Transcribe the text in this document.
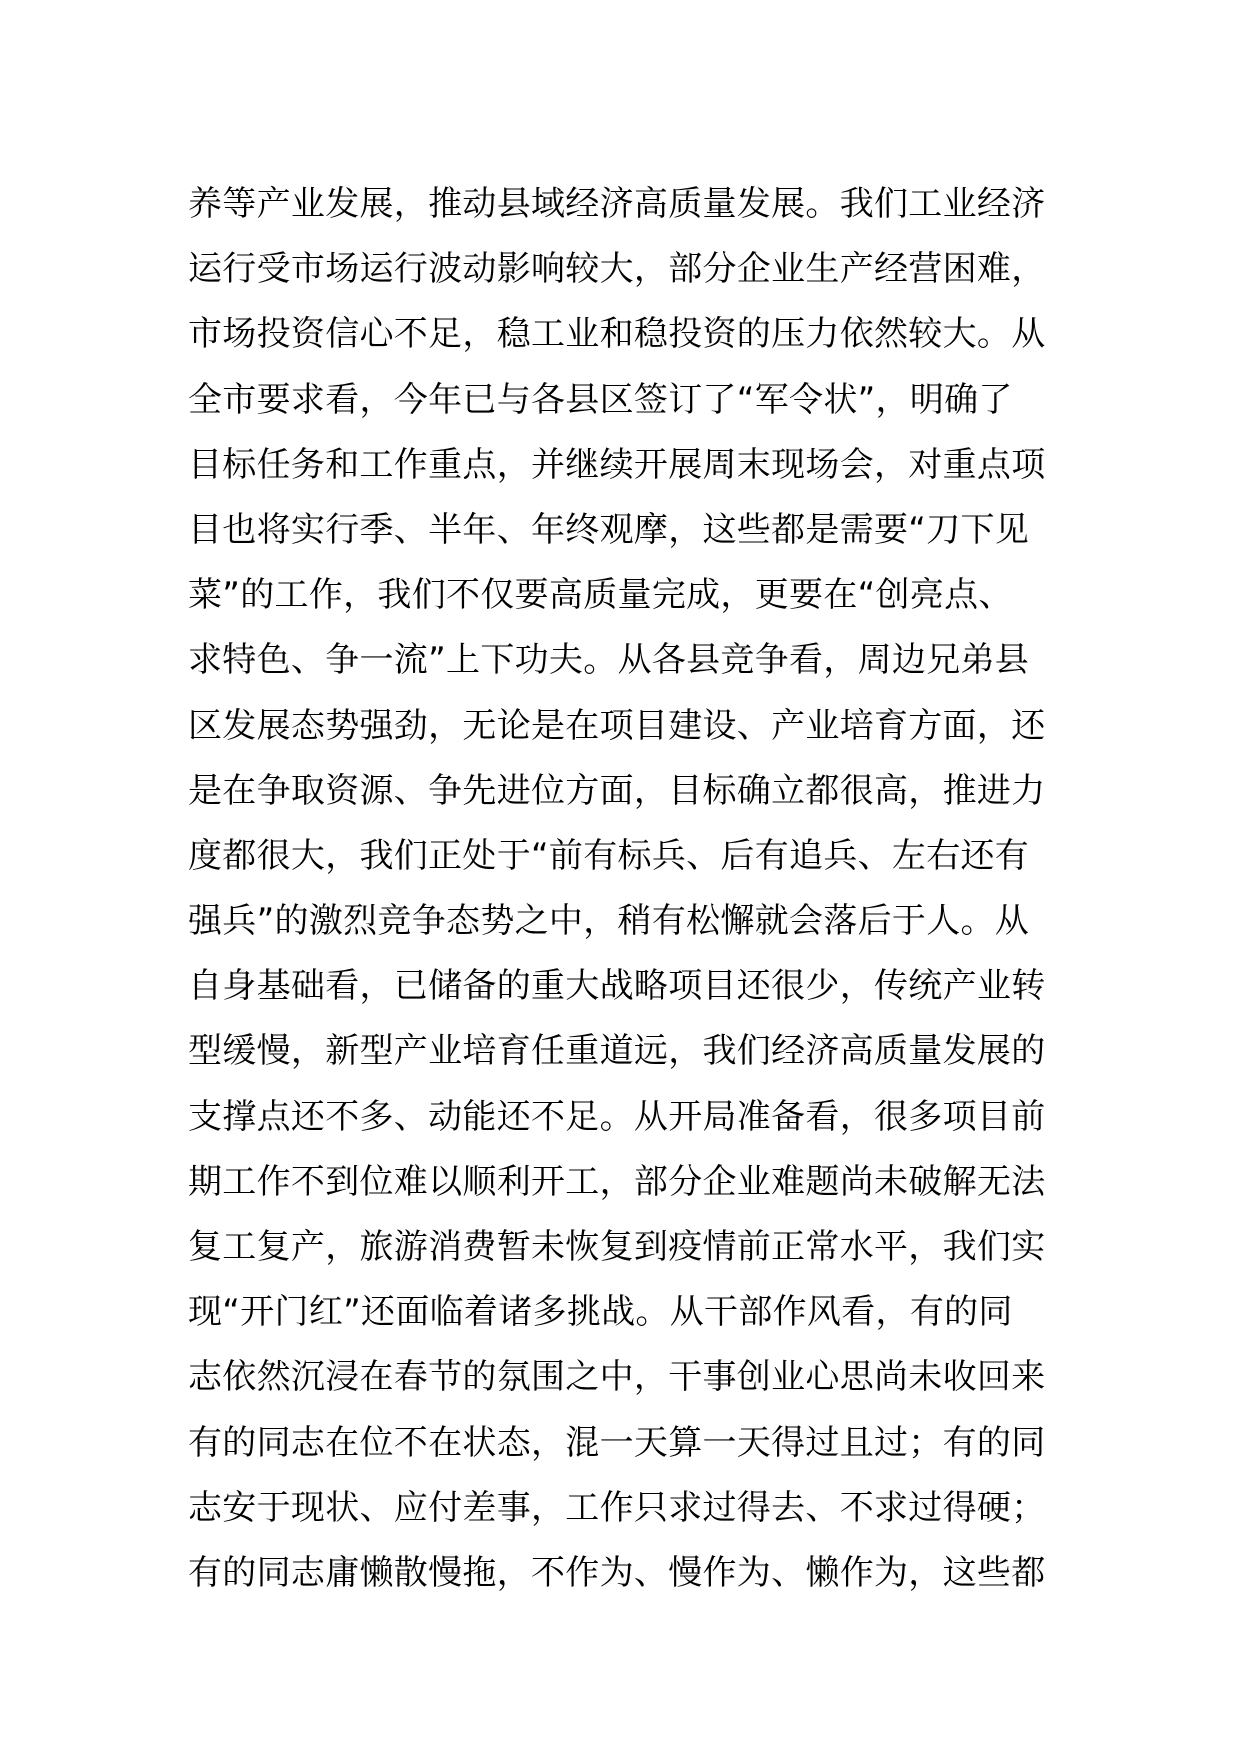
养等产业发展，推动县域经济高质量发展。我们工业经济
运行受市场运行波动影响较大，部分企业生产经营困难，
市场投资信心不足，稳工业和稳投资的压力依然较大。从
全市要求看，今年已与各县区签订了“军令状”，明确了
目标任务和工作重点，并继续开展周末现场会，对重点项
目也将实行季、半年、年终观摩，这些都是需要“刀下见
菜”的工作，我们不仅要高质量完成，更要在“创亮点、
求特色、争一流”上下功夫。从各县竞争看，周边兄弟县
区发展态势强劲，无论是在项目建设、产业培育方面，还
是在争取资源、争先进位方面，目标确立都很高，推进力
度都很大，我们正处于“前有标兵、后有追兵、左右还有
强兵”的激烈竞争态势之中，稍有松懈就会落后于人。从
自身基础看，已储备的重大战略项目还很少，传统产业转
型缓慢，新型产业培育任重道远，我们经济高质量发展的
支撑点还不多、动能还不足。从开局准备看，很多项目前
期工作不到位难以顺利开工，部分企业难题尚未破解无法
复工复产，旅游消费暂未恢复到疫情前正常水平，我们实
现“开门红”还面临着诸多挑战。从干部作风看，有的同
志依然沉浸在春节的氛围之中，干事创业心思尚未收回来
有的同志在位不在状态，混一天算一天得过且过；有的同
志安于现状、应付差事，工作只求过得去、不求过得硬；
有的同志庸懒散慢拖，不作为、慢作为、懒作为，这些都
